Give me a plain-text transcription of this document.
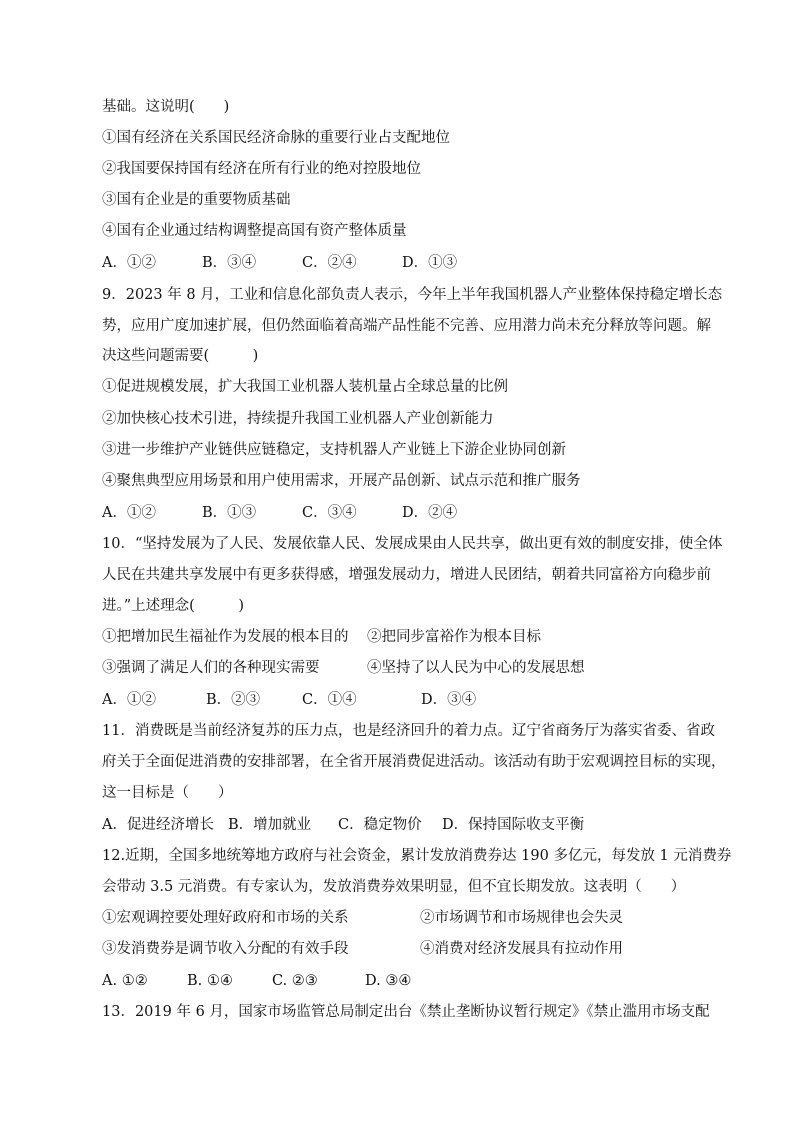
基础。这说明(　　)
①国有经济在关系国民经济命脉的重要行业占支配地位
②我国要保持国有经济在所有行业的绝对控股地位
③国有企业是的重要物质基础
④国有企业通过结构调整提高国有资产整体质量
A．①②	B．③④	C．②④	D．①③
9．2023 年 8 月，工业和信息化部负责人表示，今年上半年我国机器人产业整体保持稳定增长态
势，应用广度加速扩展，但仍然面临着高端产品性能不完善、应用潜力尚未充分释放等问题。解
决这些问题需要(　　　)
①促进规模发展，扩大我国工业机器人装机量占全球总量的比例
②加快核心技术引进，持续提升我国工业机器人产业创新能力
③进一步维护产业链供应链稳定，支持机器人产业链上下游企业协同创新
④聚焦典型应用场景和用户使用需求，开展产品创新、试点示范和推广服务
A．①②	B．①③	C．③④	D．②④
10．“坚持发展为了人民、发展依靠人民、发展成果由人民共享，做出更有效的制度安排，使全体
人民在共建共享发展中有更多获得感，增强发展动力，增进人民团结，朝着共同富裕方向稳步前
进。”上述理念(　　　)
①把增加民生福祉作为发展的根本目的 ②把同步富裕作为根本目标
③强调了满足人们的各种现实需要	④坚持了以人民为中心的发展思想
A．①②	B．②③	C．①④	D．③④
11．消费既是当前经济复苏的压力点，也是经济回升的着力点。辽宁省商务厅为落实省委、省政
府关于全面促进消费的安排部署，在全省开展消费促进活动。该活动有助于宏观调控目标的实现，
这一目标是（　　）
A．促进经济增长 B．增加就业 C．稳定物价 D．保持国际收支平衡
12.近期，全国多地统筹地方政府与社会资金，累计发放消费券达 190 多亿元，每发放 1 元消费券
会带动 3.5 元消费。有专家认为，发放消费券效果明显，但不宜长期发放。这表明（　　）
①宏观调控要处理好政府和市场的关系	②市场调节和市场规律也会失灵
③发消费券是调节收入分配的有效手段	④消费对经济发展具有拉动作用
A. ①②	B. ①④	C. ②③	D. ③④
13．2019 年 6 月，国家市场监管总局制定出台《禁止垄断协议暂行规定》《禁止滥用市场支配
